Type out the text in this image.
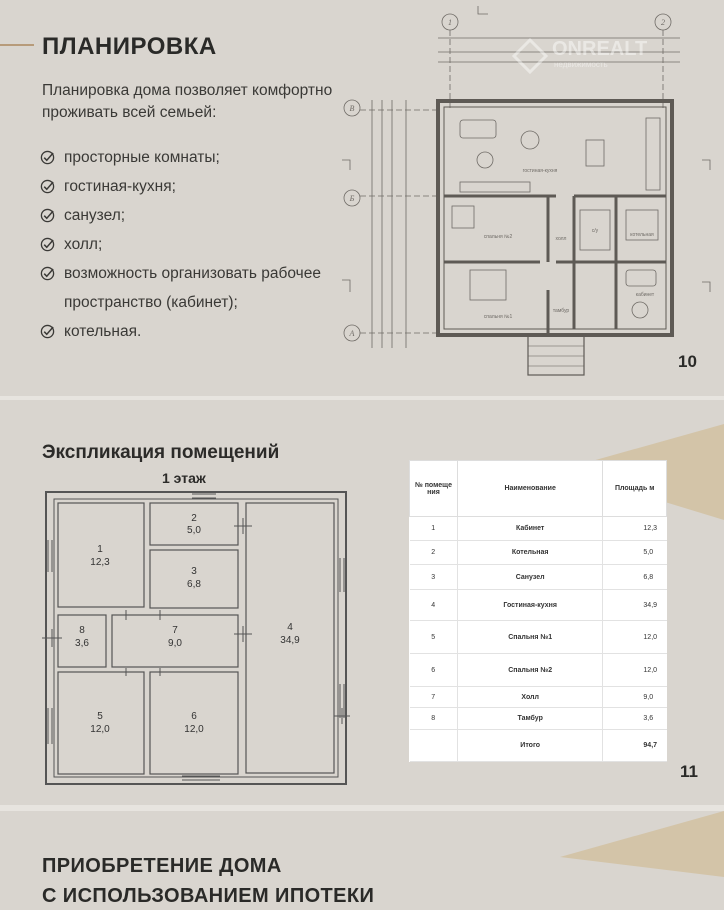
ПЛАНИРОВКА
Планировка дома позволяет комфортно проживать всей семьей:
просторные комнаты;
гостиная-кухня;
санузел;
холл;
возможность организовать рабочее пространство (кабинет);
котельная.
1	2
В
Б
А
гостиная-кухня
спальня №2	холл
котельная
кабинет
спальня №1
тамбур
с/у
ONREALT
недвижимость
10
Экспликация помещений
1 этаж
1
12,3
2
5,0
3
6,8
4
34,9
5
12,0
6
12,0
7
9,0
8
3,6
№ помеще ния	Наименование	Площадь м
1	Кабинет	12,3
2	Котельная	5,0
3	Санузел	6,8
4	Гостиная-кухня	34,9
5	Спальня №1	12,0
6	Спальня №2	12,0
7	Холл	9,0
8	Тамбур	3,6
	Итого	94,7
11
ПРИОБРЕТЕНИЕ ДОМА
С ИСПОЛЬЗОВАНИЕМ ИПОТЕКИ
